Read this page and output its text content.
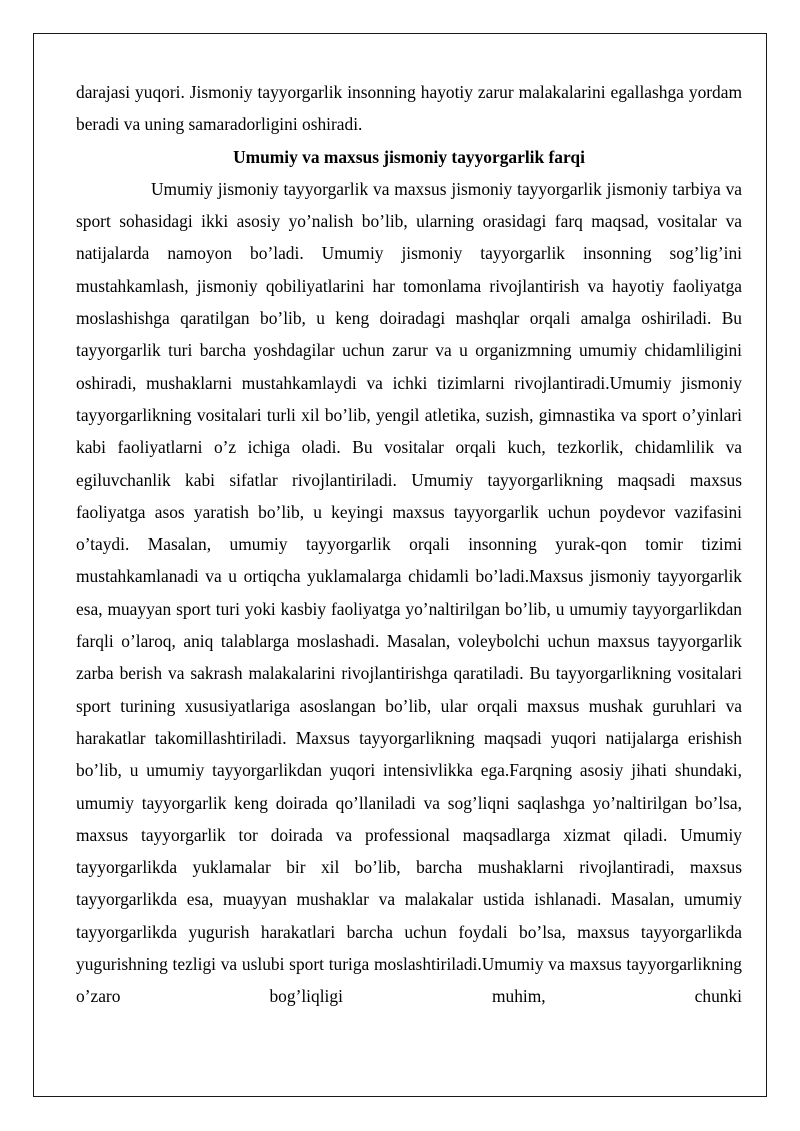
darajasi yuqori. Jismoniy tayyorgarlik insonning hayotiy zarur malakalarini egallashga yordam beradi va uning samaradorligini oshiradi.

Umumiy va maxsus jismoniy tayyorgarlik farqi

Umumiy jismoniy tayyorgarlik va maxsus jismoniy tayyorgarlik jismoniy tarbiya va sport sohasidagi ikki asosiy yo’nalish bo’lib, ularning orasidagi farq maqsad, vositalar va natijalarda namoyon bo’ladi. Umumiy jismoniy tayyorgarlik insonning sog’lig’ini mustahkamlash, jismoniy qobiliyatlarini har tomonlama rivojlantirish va hayotiy faoliyatga moslashishga qaratilgan bo’lib, u keng doiradagi mashqlar orqali amalga oshiriladi. Bu tayyorgarlik turi barcha yoshdagilar uchun zarur va u organizmning umumiy chidamliligini oshiradi, mushaklarni mustahkamlaydi va ichki tizimlarni rivojlantiradi.Umumiy jismoniy tayyorgarlikning vositalari turli xil bo’lib, yengil atletika, suzish, gimnastika va sport o’yinlari kabi faoliyatlarni o’z ichiga oladi. Bu vositalar orqali kuch, tezkorlik, chidamlilik va egiluvchanlik kabi sifatlar rivojlantiriladi. Umumiy tayyorgarlikning maqsadi maxsus faoliyatga asos yaratish bo’lib, u keyingi maxsus tayyorgarlik uchun poydevor vazifasini o’taydi. Masalan, umumiy tayyorgarlik orqali insonning yurak-qon tomir tizimi mustahkamlanadi va u ortiqcha yuklamalarga chidamli bo’ladi.Maxsus jismoniy tayyorgarlik esa, muayyan sport turi yoki kasbiy faoliyatga yo’naltirilgan bo’lib, u umumiy tayyorgarlikdan farqli o’laroq, aniq talablarga moslashadi. Masalan, voleybolchi uchun maxsus tayyorgarlik zarba berish va sakrash malakalarini rivojlantirishga qaratiladi. Bu tayyorgarlikning vositalari sport turining xususiyatlariga asoslangan bo’lib, ular orqali maxsus mushak guruhlari va harakatlar takomillashtiriladi. Maxsus tayyorgarlikning maqsadi yuqori natijalarga erishish bo’lib, u umumiy tayyorgarlikdan yuqori intensivlikka ega.Farqning asosiy jihati shundaki, umumiy tayyorgarlik keng doirada qo’llaniladi va sog’liqni saqlashga yo’naltirilgan bo’lsa, maxsus tayyorgarlik tor doirada va professional maqsadlarga xizmat qiladi. Umumiy tayyorgarlikda yuklamalar bir xil bo’lib, barcha mushaklarni rivojlantiradi, maxsus tayyorgarlikda esa, muayyan mushaklar va malakalar ustida ishlanadi. Masalan, umumiy tayyorgarlikda yugurish harakatlari barcha uchun foydali bo’lsa, maxsus tayyorgarlikda yugurishning tezligi va uslubi sport turiga moslashtiriladi.Umumiy va maxsus tayyorgarlikning o’zaro bog’liqligi muhim, chunki
